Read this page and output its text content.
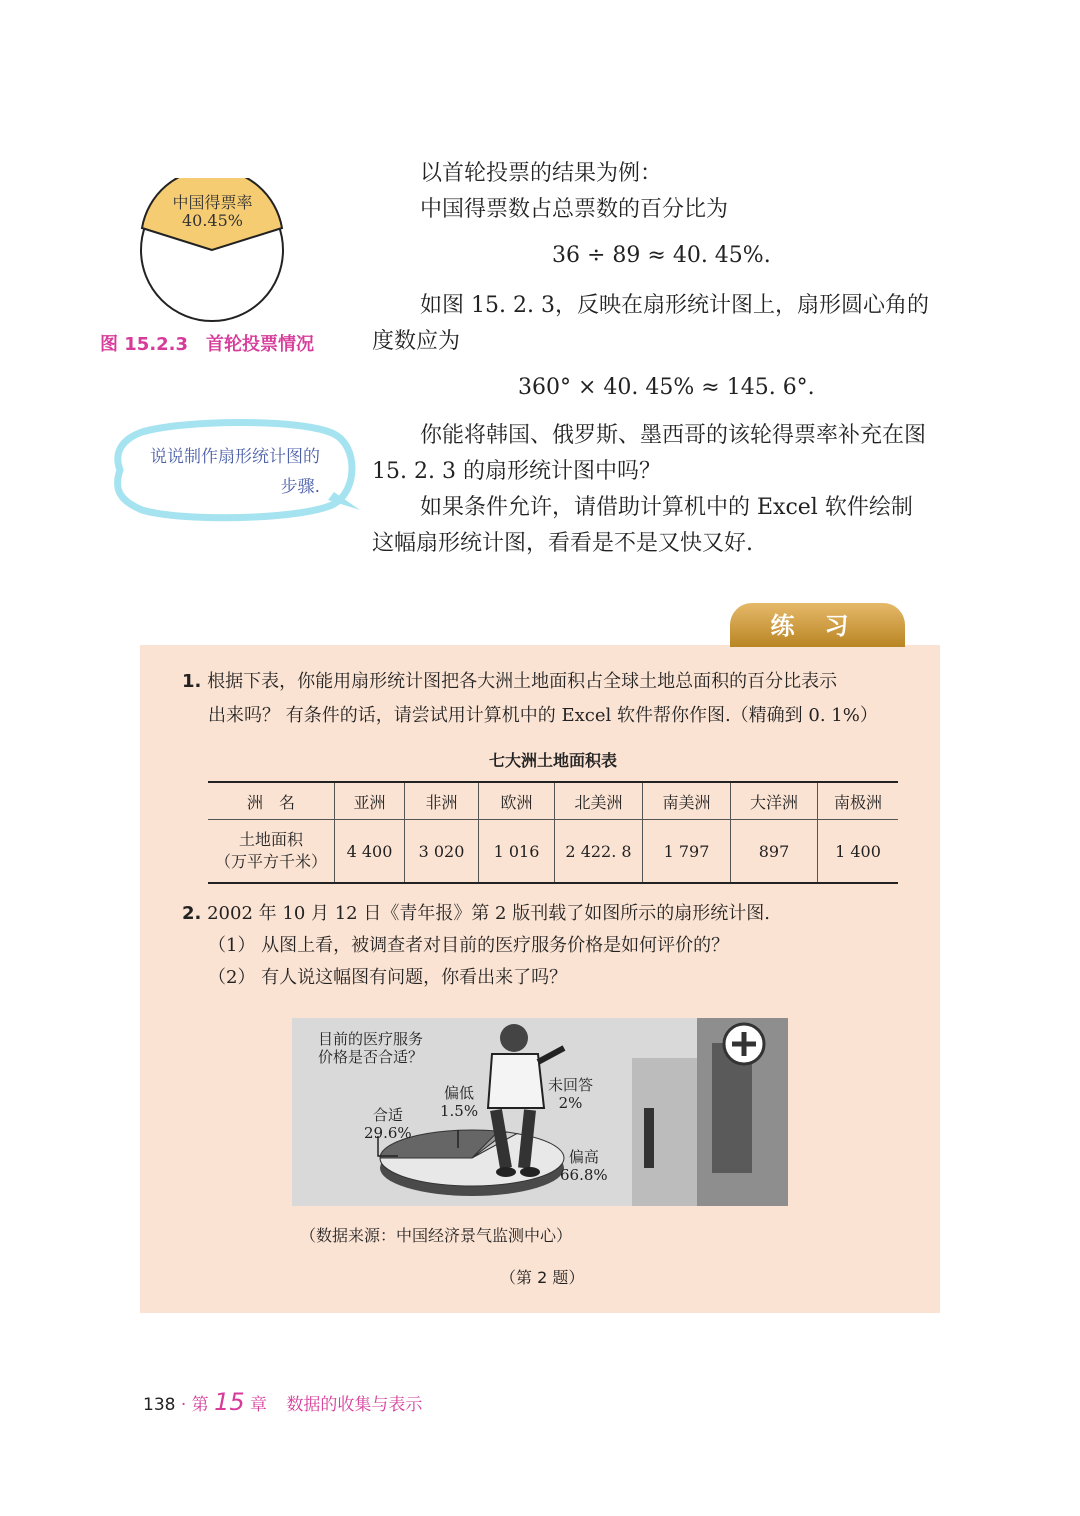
中国得票率
40.45%
图 15.2.3 首轮投票情况
说说制作扇形统计图的步骤.
以首轮投票的结果为例：
中国得票数占总票数的百分比为
36 ÷ 89 ≈ 40. 45%.
如图 15. 2. 3，反映在扇形统计图上，扇形圆心角的
度数应为
360° × 40. 45% ≈ 145. 6°.
你能将韩国、俄罗斯、墨西哥的该轮得票率补充在图
15. 2. 3 的扇形统计图中吗？
如果条件允许，请借助计算机中的 Excel 软件绘制
这幅扇形统计图，看看是不是又快又好.
练习
1. 根据下表，你能用扇形统计图把各大洲土地面积占全球土地总面积的百分比表示
出来吗？ 有条件的话，请尝试用计算机中的 Excel 软件帮你作图.（精确到 0. 1%）
七大洲土地面积表
洲　名	亚洲	非洲	欧洲	北美洲	南美洲	大洋洲	南极洲

土地面积
（万平方千米）	4 400	3 020	1 016	2 422. 8	1 797	897	1 400
2. 2002 年 10 月 12 日《青年报》第 2 版刊载了如图所示的扇形统计图.
（1） 从图上看，被调查者对目前的医疗服务价格是如何评价的？
（2） 有人说这幅图有问题，你看出来了吗？
目前的医疗服务
价格是否合适？
合适
29.6%
偏低
1.5%
未回答
2%
偏高
66.8%
（数据来源：中国经济景气监测中心）
（第 2 题）
138 · 第 15 章 数据的收集与表示
